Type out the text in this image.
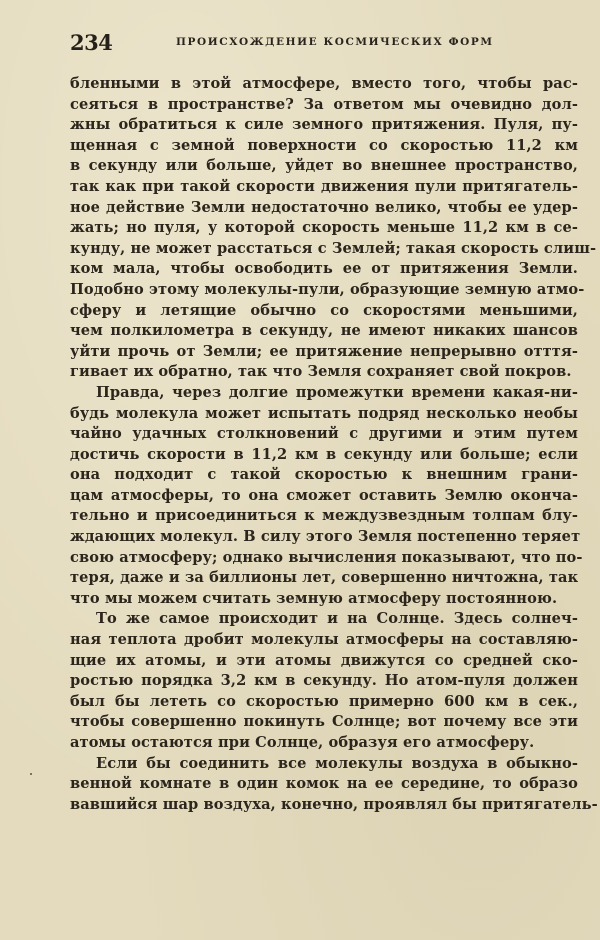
234	ПРОИСХОЖДЕНИЕ КОСМИЧЕСКИХ ФОРМ
бленными в этой атмосфере, вместо того, чтобы рас-
сеяться в пространстве? За ответом мы очевидно дол-
жны обратиться к силе земного притяжения. Пуля, пу-
щенная с земной поверхности со скоростью 11,2 км
в секунду или больше, уйдет во внешнее пространство,
так как при такой скорости движения пули притягатель-
ное действие Земли недостаточно велико, чтобы ее удер-
жать; но пуля, у которой скорость меньше 11,2 км в се-
кунду, не может расстаться с Землей; такая скорость слиш-
ком мала, чтобы освободить ее от притяжения Земли.
Подобно этому молекулы-пули, образующие земную атмо-
сферу и летящие обычно со скоростями меньшими,
чем полкилометра в секунду, не имеют никаких шансов
уйти прочь от Земли; ее притяжение непрерывно отття-
гивает их обратно, так что Земля сохраняет свой покров.
Правда, через долгие промежутки времени какая-ни-
будь молекула может испытать подряд несколько необы
чайно удачных столкновений с другими и этим путем
достичь скорости в 11,2 км в секунду или больше; если
она подходит с такой скоростью к внешним грани-
цам атмосферы, то она сможет оставить Землю оконча-
тельно и присоединиться к междузвездным толпам блу-
ждающих молекул. В силу этого Земля постепенно теряет
свою атмосферу; однако вычисления показывают, что по-
теря, даже и за биллионы лет, совершенно ничтожна, так
что мы можем считать земную атмосферу постоянною.
То же самое происходит и на Солнце. Здесь солнеч-
ная теплота дробит молекулы атмосферы на составляю-
щие их атомы, и эти атомы движутся со средней ско-
ростью порядка 3,2 км в секунду. Но атом-пуля должен
был бы лететь со скоростью примерно 600 км в сек.,
чтобы совершенно покинуть Солнце; вот почему все эти
атомы остаются при Солнце, образуя его атмосферу.
Если бы соединить все молекулы воздуха в обыкно-
венной комнате в один комок на ее середине, то образо
вавшийся шар воздуха, конечно, проявлял бы притягатель-
